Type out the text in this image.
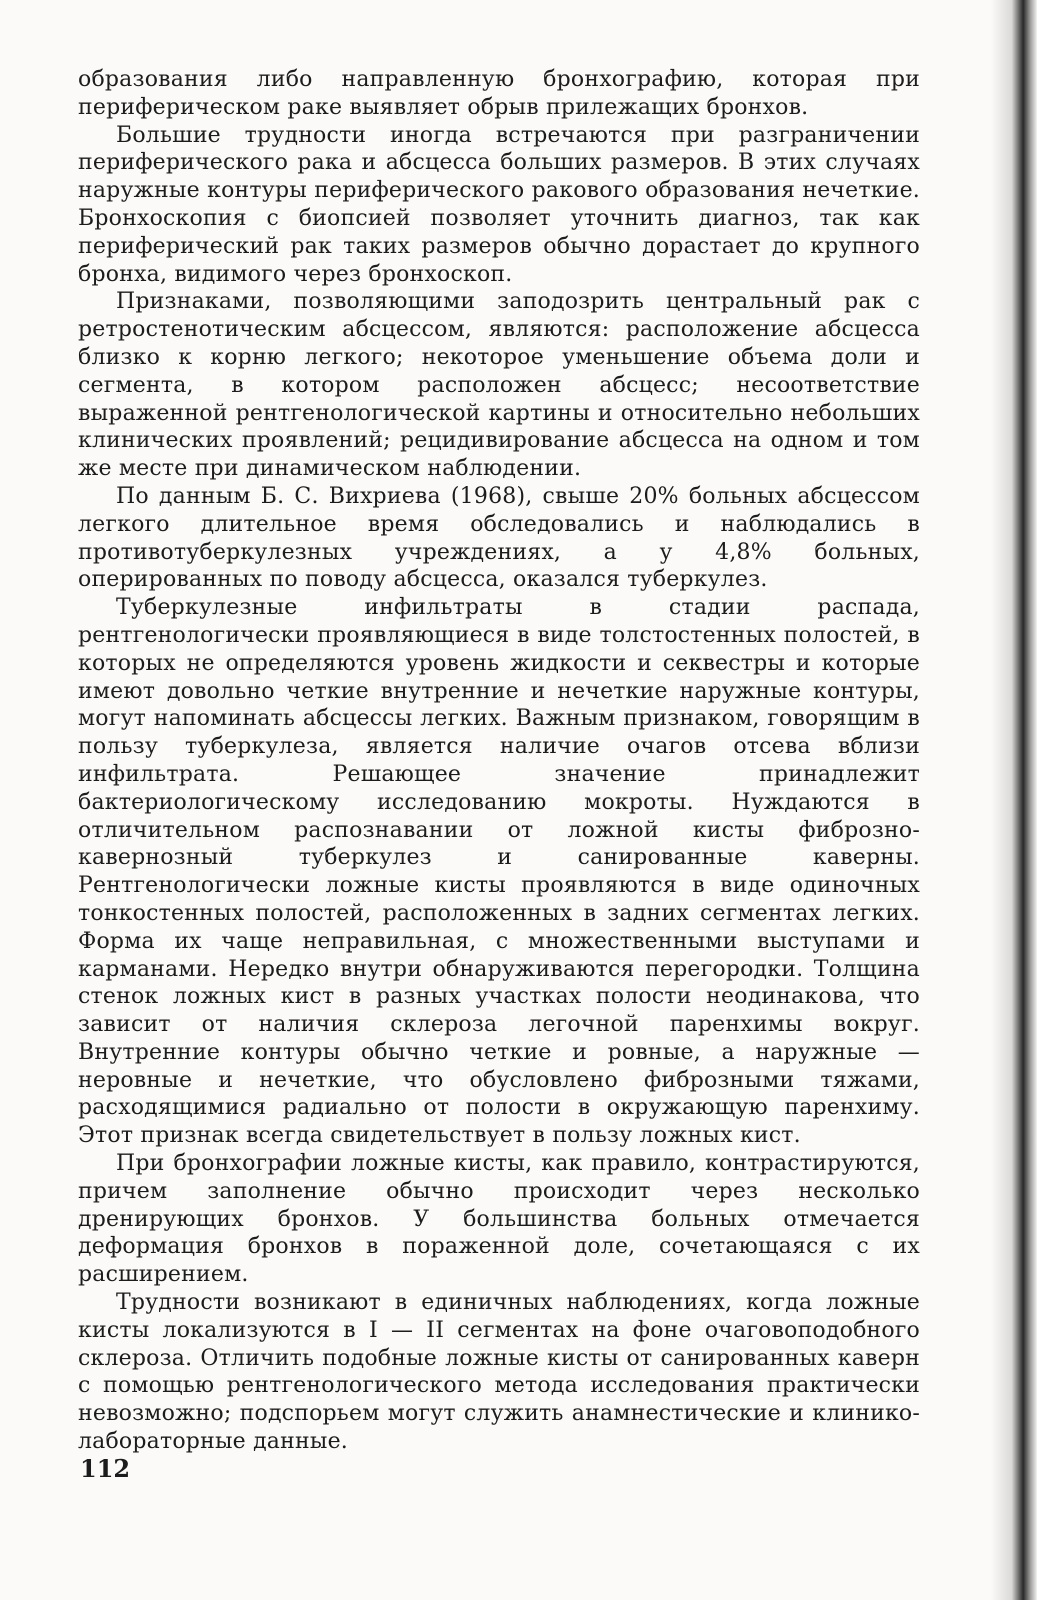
образования либо направленную бронхографию, которая при периферическом раке выявляет обрыв прилежащих бронхов.

Большие трудности иногда встречаются при разграничении периферического рака и абсцесса больших размеров. В этих случаях наружные контуры периферического ракового образования нечеткие. Бронхоскопия с биопсией позволяет уточнить диагноз, так как периферический рак таких размеров обычно дорастает до крупного бронха, видимого через бронхоскоп.

Признаками, позволяющими заподозрить центральный рак с ретростенотическим абсцессом, являются: расположение абсцесса близко к корню легкого; некоторое уменьшение объема доли и сегмента, в котором расположен абсцесс; несоответствие выраженной рентгенологической картины и относительно небольших клинических проявлений; рецидивирование абсцесса на одном и том же месте при динамическом наблюдении.

По данным Б. С. Вихриева (1968), свыше 20% больных абсцессом легкого длительное время обследовались и наблюдались в противотуберкулезных учреждениях, а у 4,8% больных, оперированных по поводу абсцесса, оказался туберкулез.

Туберкулезные инфильтраты в стадии распада, рентгенологически проявляющиеся в виде толстостенных полостей, в которых не определяются уровень жидкости и секвестры и которые имеют довольно четкие внутренние и нечеткие наружные контуры, могут напоминать абсцессы легких. Важным признаком, говорящим в пользу туберкулеза, является наличие очагов отсева вблизи инфильтрата. Решающее значение принадлежит бактериологическому исследованию мокроты. Нуждаются в отличительном распознавании от ложной кисты фиброзно-кавернозный туберкулез и санированные каверны. Рентгенологически ложные кисты проявляются в виде одиночных тонкостенных полостей, расположенных в задних сегментах легких. Форма их чаще неправильная, с множественными выступами и карманами. Нередко внутри обнаруживаются перегородки. Толщина стенок ложных кист в разных участках полости неодинакова, что зависит от наличия склероза легочной паренхимы вокруг. Внутренние контуры обычно четкие и ровные, а наружные — неровные и нечеткие, что обусловлено фиброзными тяжами, расходящимися радиально от полости в окружающую паренхиму. Этот признак всегда свидетельствует в пользу ложных кист.

При бронхографии ложные кисты, как правило, контрастируются, причем заполнение обычно происходит через несколько дренирующих бронхов. У большинства больных отмечается деформация бронхов в пораженной доле, сочетающаяся с их расширением.

Трудности возникают в единичных наблюдениях, когда ложные кисты локализуются в I — II сегментах на фоне очаговоподобного склероза. Отличить подобные ложные кисты от санированных каверн с помощью рентгенологического метода исследования практически невозможно; подспорьем могут служить анамнестические и клинико-лабораторные данные.

112
